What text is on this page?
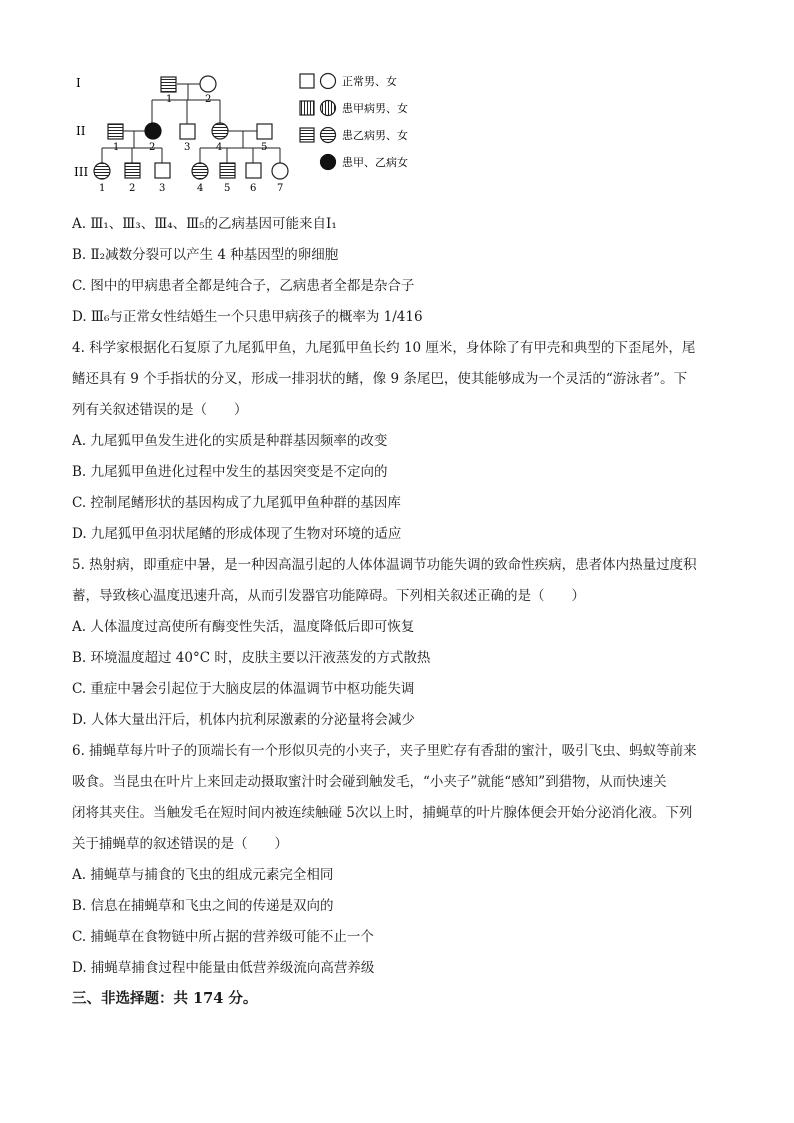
I
II
III
1	2
1	2	3	4	5
1 2 3	4 5 6 7
正常男、女
患甲病男、女
患乙病男、女
患甲、乙病女
A. Ⅲ₁、Ⅲ₃、Ⅲ₄、Ⅲ₅的乙病基因可能来自Ⅰ₁
B. Ⅱ₂减数分裂可以产生 4 种基因型的卵细胞
C. 图中的甲病患者全都是纯合子，乙病患者全都是杂合子
D. Ⅲ₆与正常女性结婚生一个只患甲病孩子的概率为 1/416
4. 科学家根据化石复原了九尾狐甲鱼，九尾狐甲鱼长约 10 厘米，身体除了有甲壳和典型的下歪尾外，尾
鳍还具有 9 个手指状的分叉，形成一排羽状的鳍，像 9 条尾巴，使其能够成为一个灵活的“游泳者”。下
列有关叙述错误的是（　　）
A. 九尾狐甲鱼发生进化的实质是种群基因频率的改变
B. 九尾狐甲鱼进化过程中发生的基因突变是不定向的
C. 控制尾鳍形状的基因构成了九尾狐甲鱼种群的基因库
D. 九尾狐甲鱼羽状尾鳍的形成体现了生物对环境的适应
5. 热射病，即重症中暑，是一种因高温引起的人体体温调节功能失调的致命性疾病，患者体内热量过度积
蓄，导致核心温度迅速升高，从而引发器官功能障碍。下列相关叙述正确的是（　　）
A. 人体温度过高使所有酶变性失活，温度降低后即可恢复
B. 环境温度超过 40°C 时，皮肤主要以汗液蒸发的方式散热
C. 重症中暑会引起位于大脑皮层的体温调节中枢功能失调
D. 人体大量出汗后，机体内抗利尿激素的分泌量将会减少
6. 捕蝇草每片叶子的顶端长有一个形似贝壳的小夹子，夹子里贮存有香甜的蜜汁，吸引飞虫、蚂蚁等前来
吸食。当昆虫在叶片上来回走动摄取蜜汁时会碰到触发毛，“小夹子”就能“感知”到猎物，从而快速关
闭将其夹住。当触发毛在短时间内被连续触碰 5次以上时，捕蝇草的叶片腺体便会开始分泌消化液。下列
关于捕蝇草的叙述错误的是（　　）
A. 捕蝇草与捕食的飞虫的组成元素完全相同
B. 信息在捕蝇草和飞虫之间的传递是双向的
C. 捕蝇草在食物链中所占据的营养级可能不止一个
D. 捕蝇草捕食过程中能量由低营养级流向高营养级
三、非选择题：共 174 分。
